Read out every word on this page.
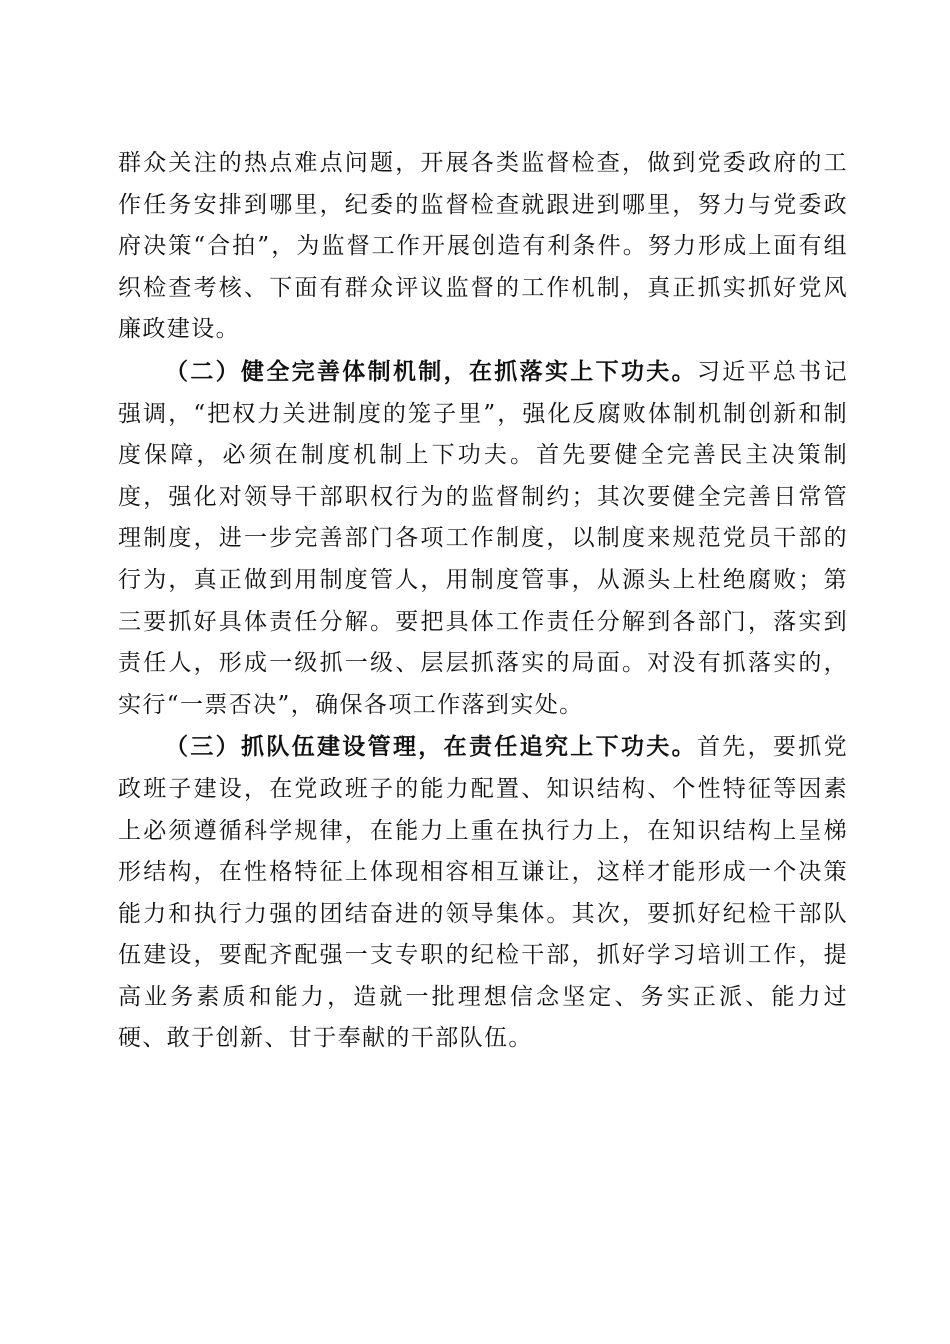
群众关注的热点难点问题，开展各类监督检查，做到党委政府的工作任务安排到哪里，纪委的监督检查就跟进到哪里，努力与党委政府决策“合拍”，为监督工作开展创造有利条件。努力形成上面有组织检查考核、下面有群众评议监督的工作机制，真正抓实抓好党风廉政建设。

（二）健全完善体制机制，在抓落实上下功夫。习近平总书记强调，“把权力关进制度的笼子里”，强化反腐败体制机制创新和制度保障，必须在制度机制上下功夫。首先要健全完善民主决策制度，强化对领导干部职权行为的监督制约；其次要健全完善日常管理制度，进一步完善部门各项工作制度，以制度来规范党员干部的行为，真正做到用制度管人，用制度管事，从源头上杜绝腐败；第三要抓好具体责任分解。要把具体工作责任分解到各部门，落实到责任人，形成一级抓一级、层层抓落实的局面。对没有抓落实的，实行“一票否决”，确保各项工作落到实处。

（三）抓队伍建设管理，在责任追究上下功夫。首先，要抓党政班子建设，在党政班子的能力配置、知识结构、个性特征等因素上必须遵循科学规律，在能力上重在执行力上，在知识结构上呈梯形结构，在性格特征上体现相容相互谦让，这样才能形成一个决策能力和执行力强的团结奋进的领导集体。其次，要抓好纪检干部队伍建设，要配齐配强一支专职的纪检干部，抓好学习培训工作，提高业务素质和能力，造就一批理想信念坚定、务实正派、能力过硬、敢于创新、甘于奉献的干部队伍。
